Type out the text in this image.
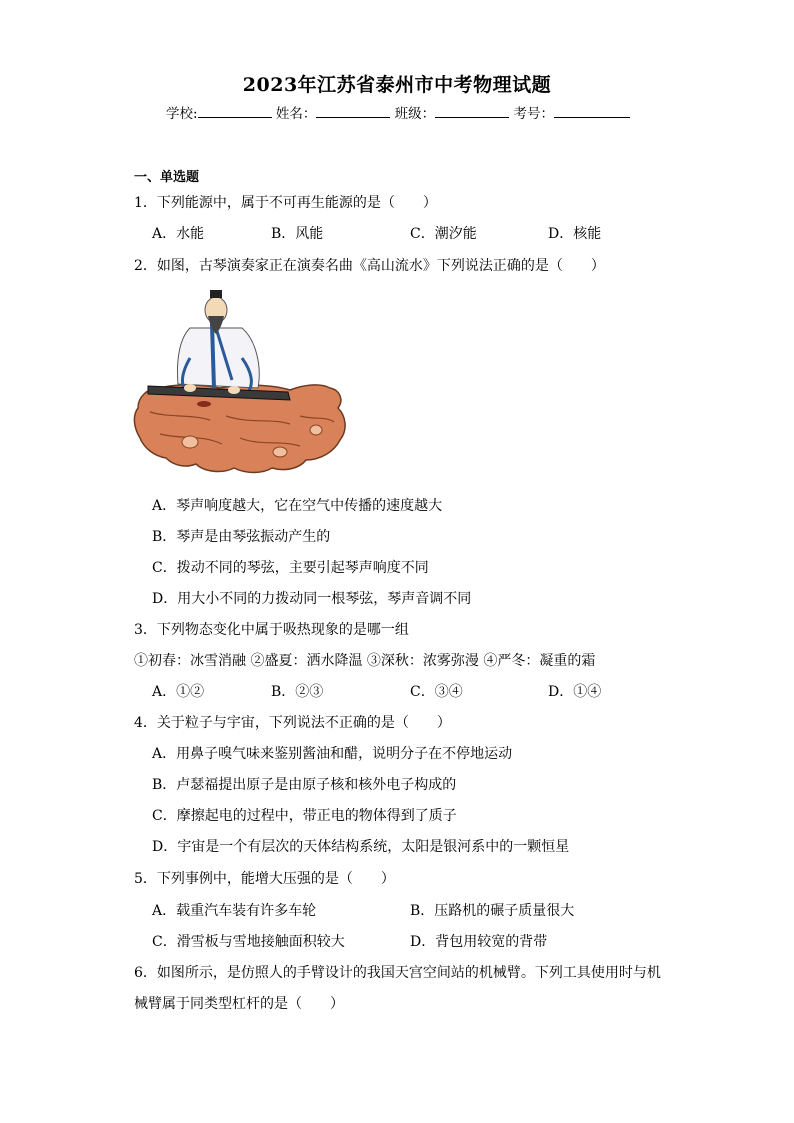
2023年江苏省泰州市中考物理试题
学校:	姓名：	班级：	考号：
一、单选题
1．下列能源中，属于不可再生能源的是（　　）
A．水能	B．风能	C．潮汐能	D．核能
2．如图，古琴演奏家正在演奏名曲《高山流水》下列说法正确的是（　　）
A．琴声响度越大，它在空气中传播的速度越大
B．琴声是由琴弦振动产生的
C．拨动不同的琴弦，主要引起琴声响度不同
D．用大小不同的力拨动同一根琴弦，琴声音调不同
3．下列物态变化中属于吸热现象的是哪一组
①初春：冰雪消融 ②盛夏：洒水降温 ③深秋：浓雾弥漫 ④严冬：凝重的霜
A．①②	B．②③	C．③④	D．①④
4．关于粒子与宇宙，下列说法不正确的是（　　）
A．用鼻子嗅气味来鉴别酱油和醋，说明分子在不停地运动
B．卢瑟福提出原子是由原子核和核外电子构成的
C．摩擦起电的过程中，带正电的物体得到了质子
D．宇宙是一个有层次的天体结构系统，太阳是银河系中的一颗恒星
5．下列事例中，能增大压强的是（　　）
A．载重汽车装有许多车轮	B．压路机的碾子质量很大
C．滑雪板与雪地接触面积较大	D．背包用较宽的背带
6．如图所示，是仿照人的手臂设计的我国天宫空间站的机械臂。下列工具使用时与机
械臂属于同类型杠杆的是（　　）
